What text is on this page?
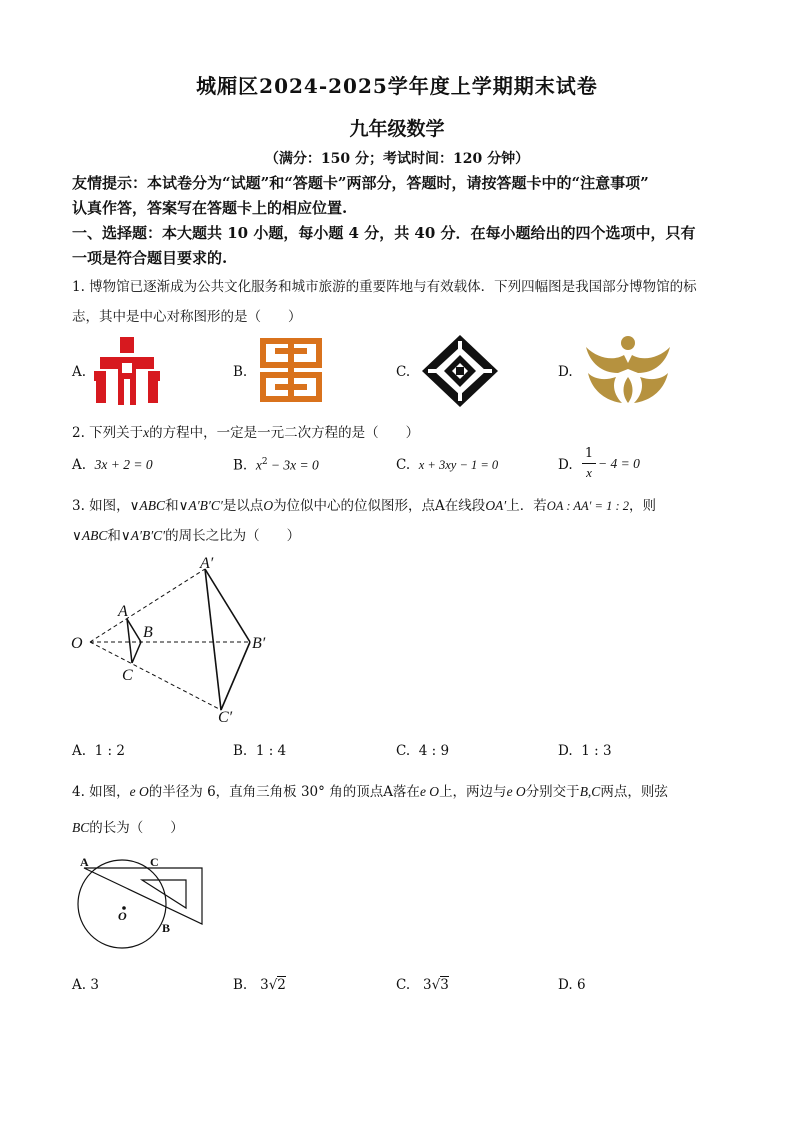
城厢区2024-2025学年度上学期期末试卷
九年级数学
（满分：150 分；考试时间：120 分钟）
友情提示：本试卷分为“试题”和“答题卡”两部分，答题时，请按答题卡中的“注意事项”
认真作答，答案写在答题卡上的相应位置.
一、选择题：本大题共 10 小题，每小题 4 分，共 40 分．在每小题给出的四个选项中，只有
一项是符合题目要求的.
1. 博物馆已逐渐成为公共文化服务和城市旅游的重要阵地与有效载体．下列四幅图是我国部分博物馆的标
志，其中是中心对称图形的是（　　）
A.	B.	C.	D.
2. 下列关于x的方程中，一定是一元二次方程的是（　　）
A. 3x + 2 = 0	B. $x^2 - 3x = 0$	C. x + 3xy − 1 = 0	D.
1
x
− 4 = 0
3. 如图，∨ABC和∨A′B′C′是以点O为位似中心的位似图形，点A在线段OA′上．若OA : AA′ = 1 : 2，则
∨ABC和∨A′B′C′的周长之比为（　　）
O
A
B
C
A′
B′
C′
A. 1 : 2	B. 1 : 4	C. 4 : 9	D. 1 : 3
4. 如图，e O的半径为 6，直角三角板 30° 角的顶点A落在e O上，两边与e O分别交于B,C两点，则弦
BC的长为（　　）
A	C
B
O
A. 3	B. 3√2	C. 3√3	D. 6
